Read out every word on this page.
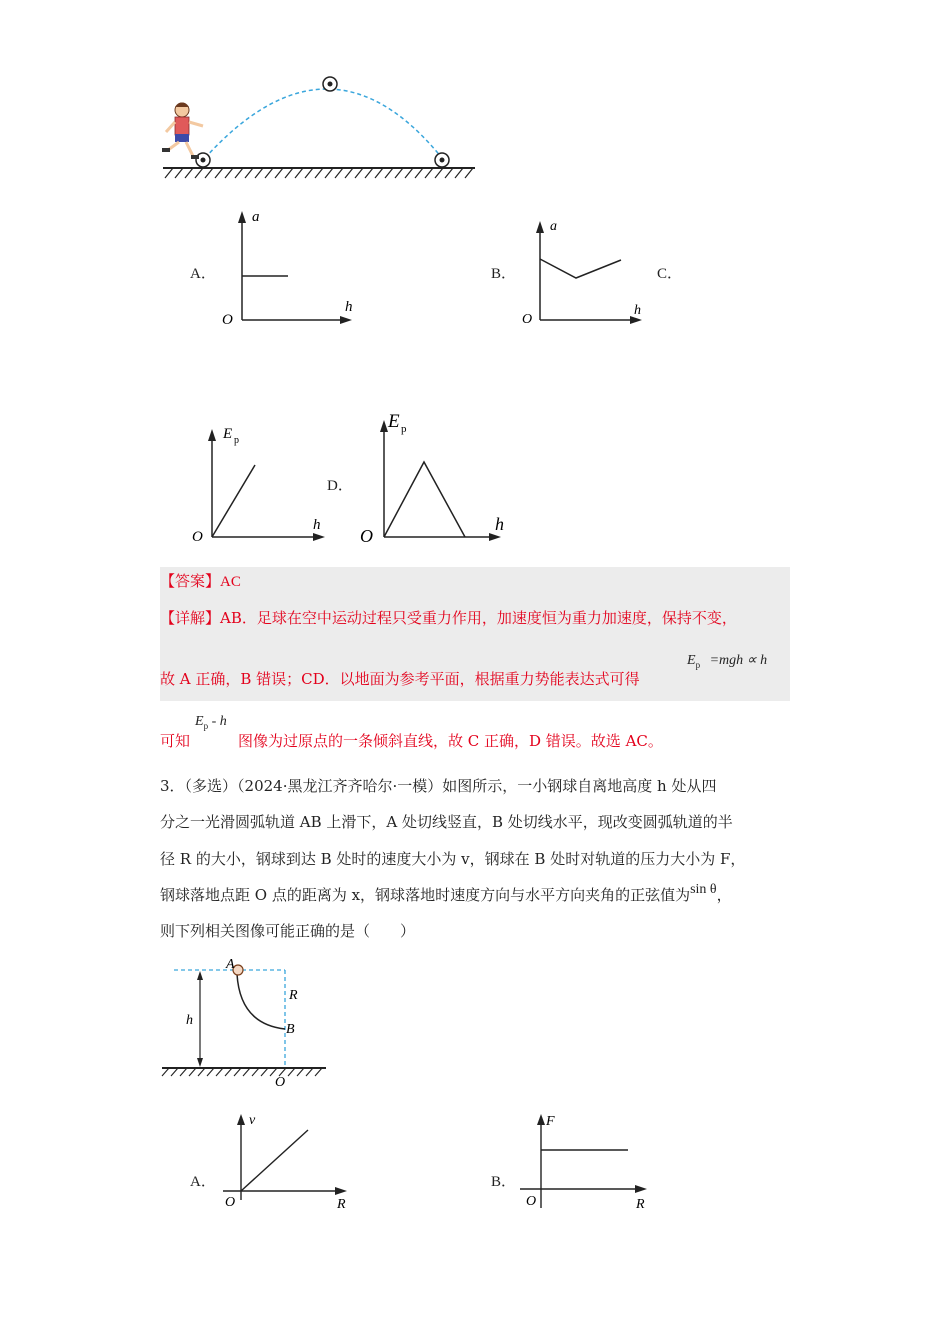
A．
a
h
O
B．
a
h
O
C．
E p
h
O
D．
E p
h
O
【答案】AC
【详解】AB．足球在空中运动过程只受重力作用，加速度恒为重力加速度，保持不变，
故 A 正确，B 错误；CD．以地面为参考平面，根据重力势能表达式可得
$E_p =mgh \propto h$
可知
$E_p$ - h
图像为过原点的一条倾斜直线，故 C 正确，D 错误。故选 AC。
3．（多选）（2024·黑龙江齐齐哈尔·一模）如图所示，一小钢球自离地高度 h 处从四
分之一光滑圆弧轨道 AB 上滑下，A 处切线竖直，B 处切线水平，现改变圆弧轨道的半
径 R 的大小，钢球到达 B 处时的速度大小为 v，钢球在 B 处时对轨道的压力大小为 F，
钢球落地点距 O 点的距离为 x，钢球落地时速度方向与水平方向夹角的正弦值为sin θ，
则下列相关图像可能正确的是（　　）
A
R
B
h
O
A．
v
R
O
B．
F
R
O
